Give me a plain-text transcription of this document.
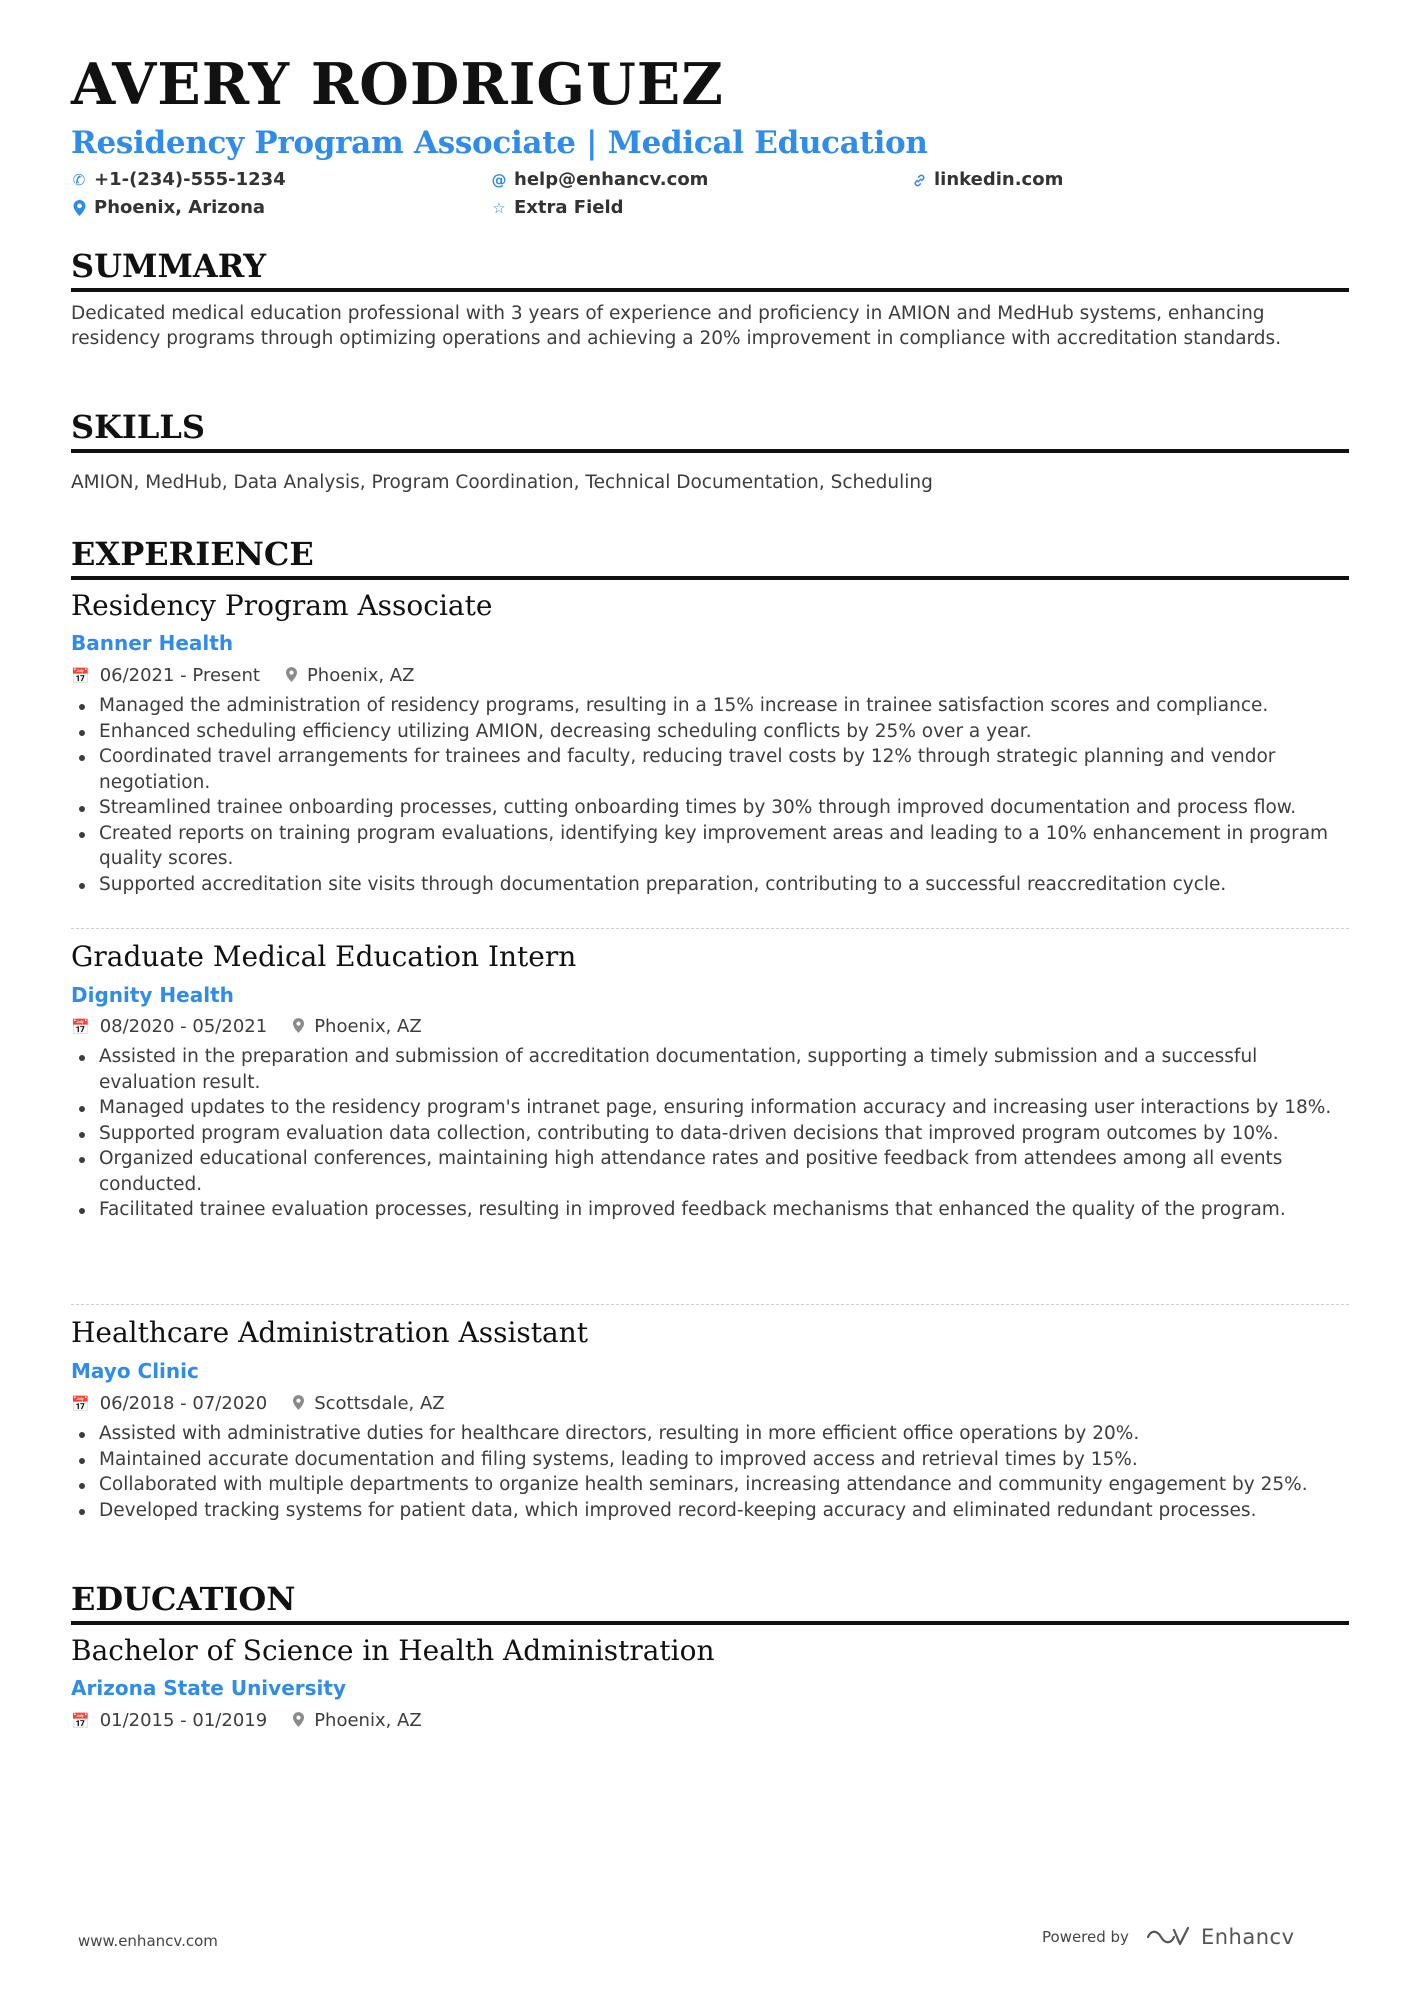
AVERY RODRIGUEZ
Residency Program Associate | Medical Education
✆ +1-(234)-555-1234	@ help@enhancv.com	linkedin.com
Phoenix, Arizona	☆ Extra Field
SUMMARY
Dedicated medical education professional with 3 years of experience and proficiency in AMION and MedHub systems, enhancing residency programs through optimizing operations and achieving a 20% improvement in compliance with accreditation standards.
SKILLS
AMION, MedHub, Data Analysis, Program Coordination, Technical Documentation, Scheduling
EXPERIENCE
Residency Program Associate
Banner Health
📅 06/2021 - Present	Phoenix, AZ
Managed the administration of residency programs, resulting in a 15% increase in trainee satisfaction scores and compliance.
Enhanced scheduling efficiency utilizing AMION, decreasing scheduling conflicts by 25% over a year.
Coordinated travel arrangements for trainees and faculty, reducing travel costs by 12% through strategic planning and vendor negotiation.
Streamlined trainee onboarding processes, cutting onboarding times by 30% through improved documentation and process flow.
Created reports on training program evaluations, identifying key improvement areas and leading to a 10% enhancement in program quality scores.
Supported accreditation site visits through documentation preparation, contributing to a successful reaccreditation cycle.
Graduate Medical Education Intern
Dignity Health
📅 08/2020 - 05/2021	Phoenix, AZ
Assisted in the preparation and submission of accreditation documentation, supporting a timely submission and a successful evaluation result.
Managed updates to the residency program's intranet page, ensuring information accuracy and increasing user interactions by 18%.
Supported program evaluation data collection, contributing to data-driven decisions that improved program outcomes by 10%.
Organized educational conferences, maintaining high attendance rates and positive feedback from attendees among all events conducted.
Facilitated trainee evaluation processes, resulting in improved feedback mechanisms that enhanced the quality of the program.
Healthcare Administration Assistant
Mayo Clinic
📅 06/2018 - 07/2020	Scottsdale, AZ
Assisted with administrative duties for healthcare directors, resulting in more efficient office operations by 20%.
Maintained accurate documentation and filing systems, leading to improved access and retrieval times by 15%.
Collaborated with multiple departments to organize health seminars, increasing attendance and community engagement by 25%.
Developed tracking systems for patient data, which improved record-keeping accuracy and eliminated redundant processes.
EDUCATION
Bachelor of Science in Health Administration
Arizona State University
📅 01/2015 - 01/2019	Phoenix, AZ
www.enhancv.com	Powered by	Enhancv
